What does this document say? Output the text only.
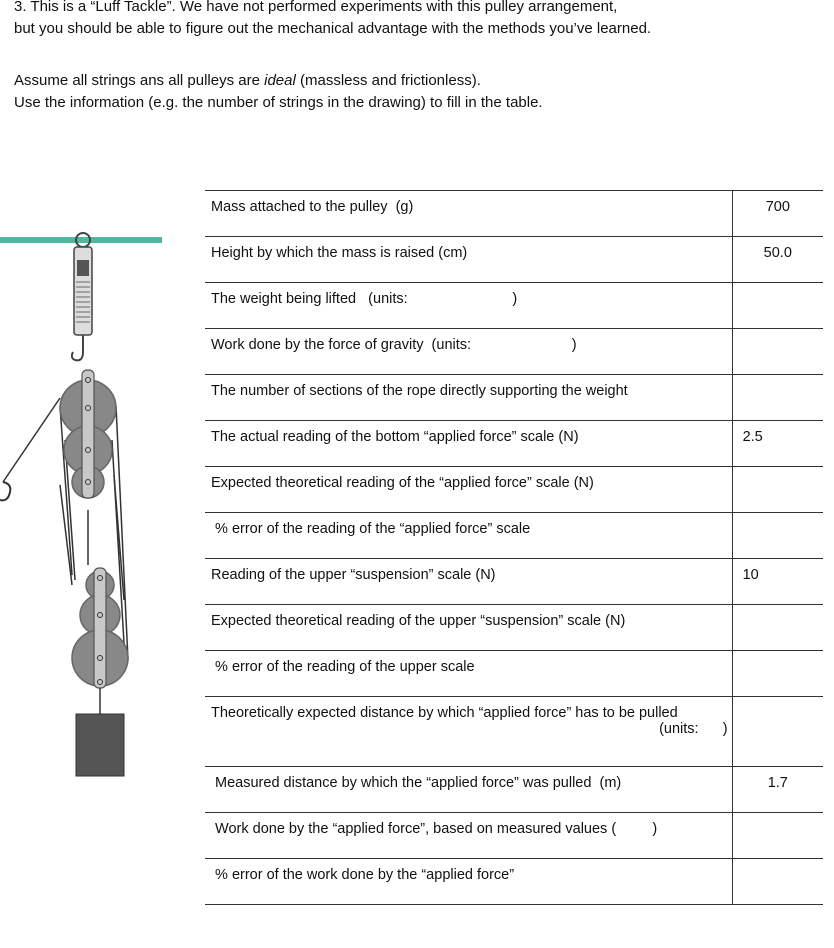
3. This is a “Luff Tackle”. We have not performed experiments with this pulley arrangement,
but you should be able to figure out the mechanical advantage with the methods you’ve learned.
Assume all strings ans all pulleys are ideal (massless and frictionless).
Use the information (e.g. the number of strings in the drawing) to fill in the table.
Mass attached to the pulley  (g)	700

Height by which the mass is raised (cm)	50.0

The weight being lifted   (units:                          )	

Work done by the force of gravity  (units:                         )	

The number of sections of the rope directly supporting the weight	

The actual reading of the bottom “applied force” scale (N)	2.5

Expected theoretical reading of the “applied force” scale (N)	

% error of the reading of the “applied force” scale	

Reading of the upper “suspension” scale (N)	10

Expected theoretical reading of the upper “suspension” scale (N)	

% error of the reading of the upper scale	

Theoretically expected distance by which “applied force” has to be pulled
(units:      )	

Measured distance by which the “applied force” was pulled  (m)	1.7

Work done by the “applied force”, based on measured values (         )	

% error of the work done by the “applied force”	
